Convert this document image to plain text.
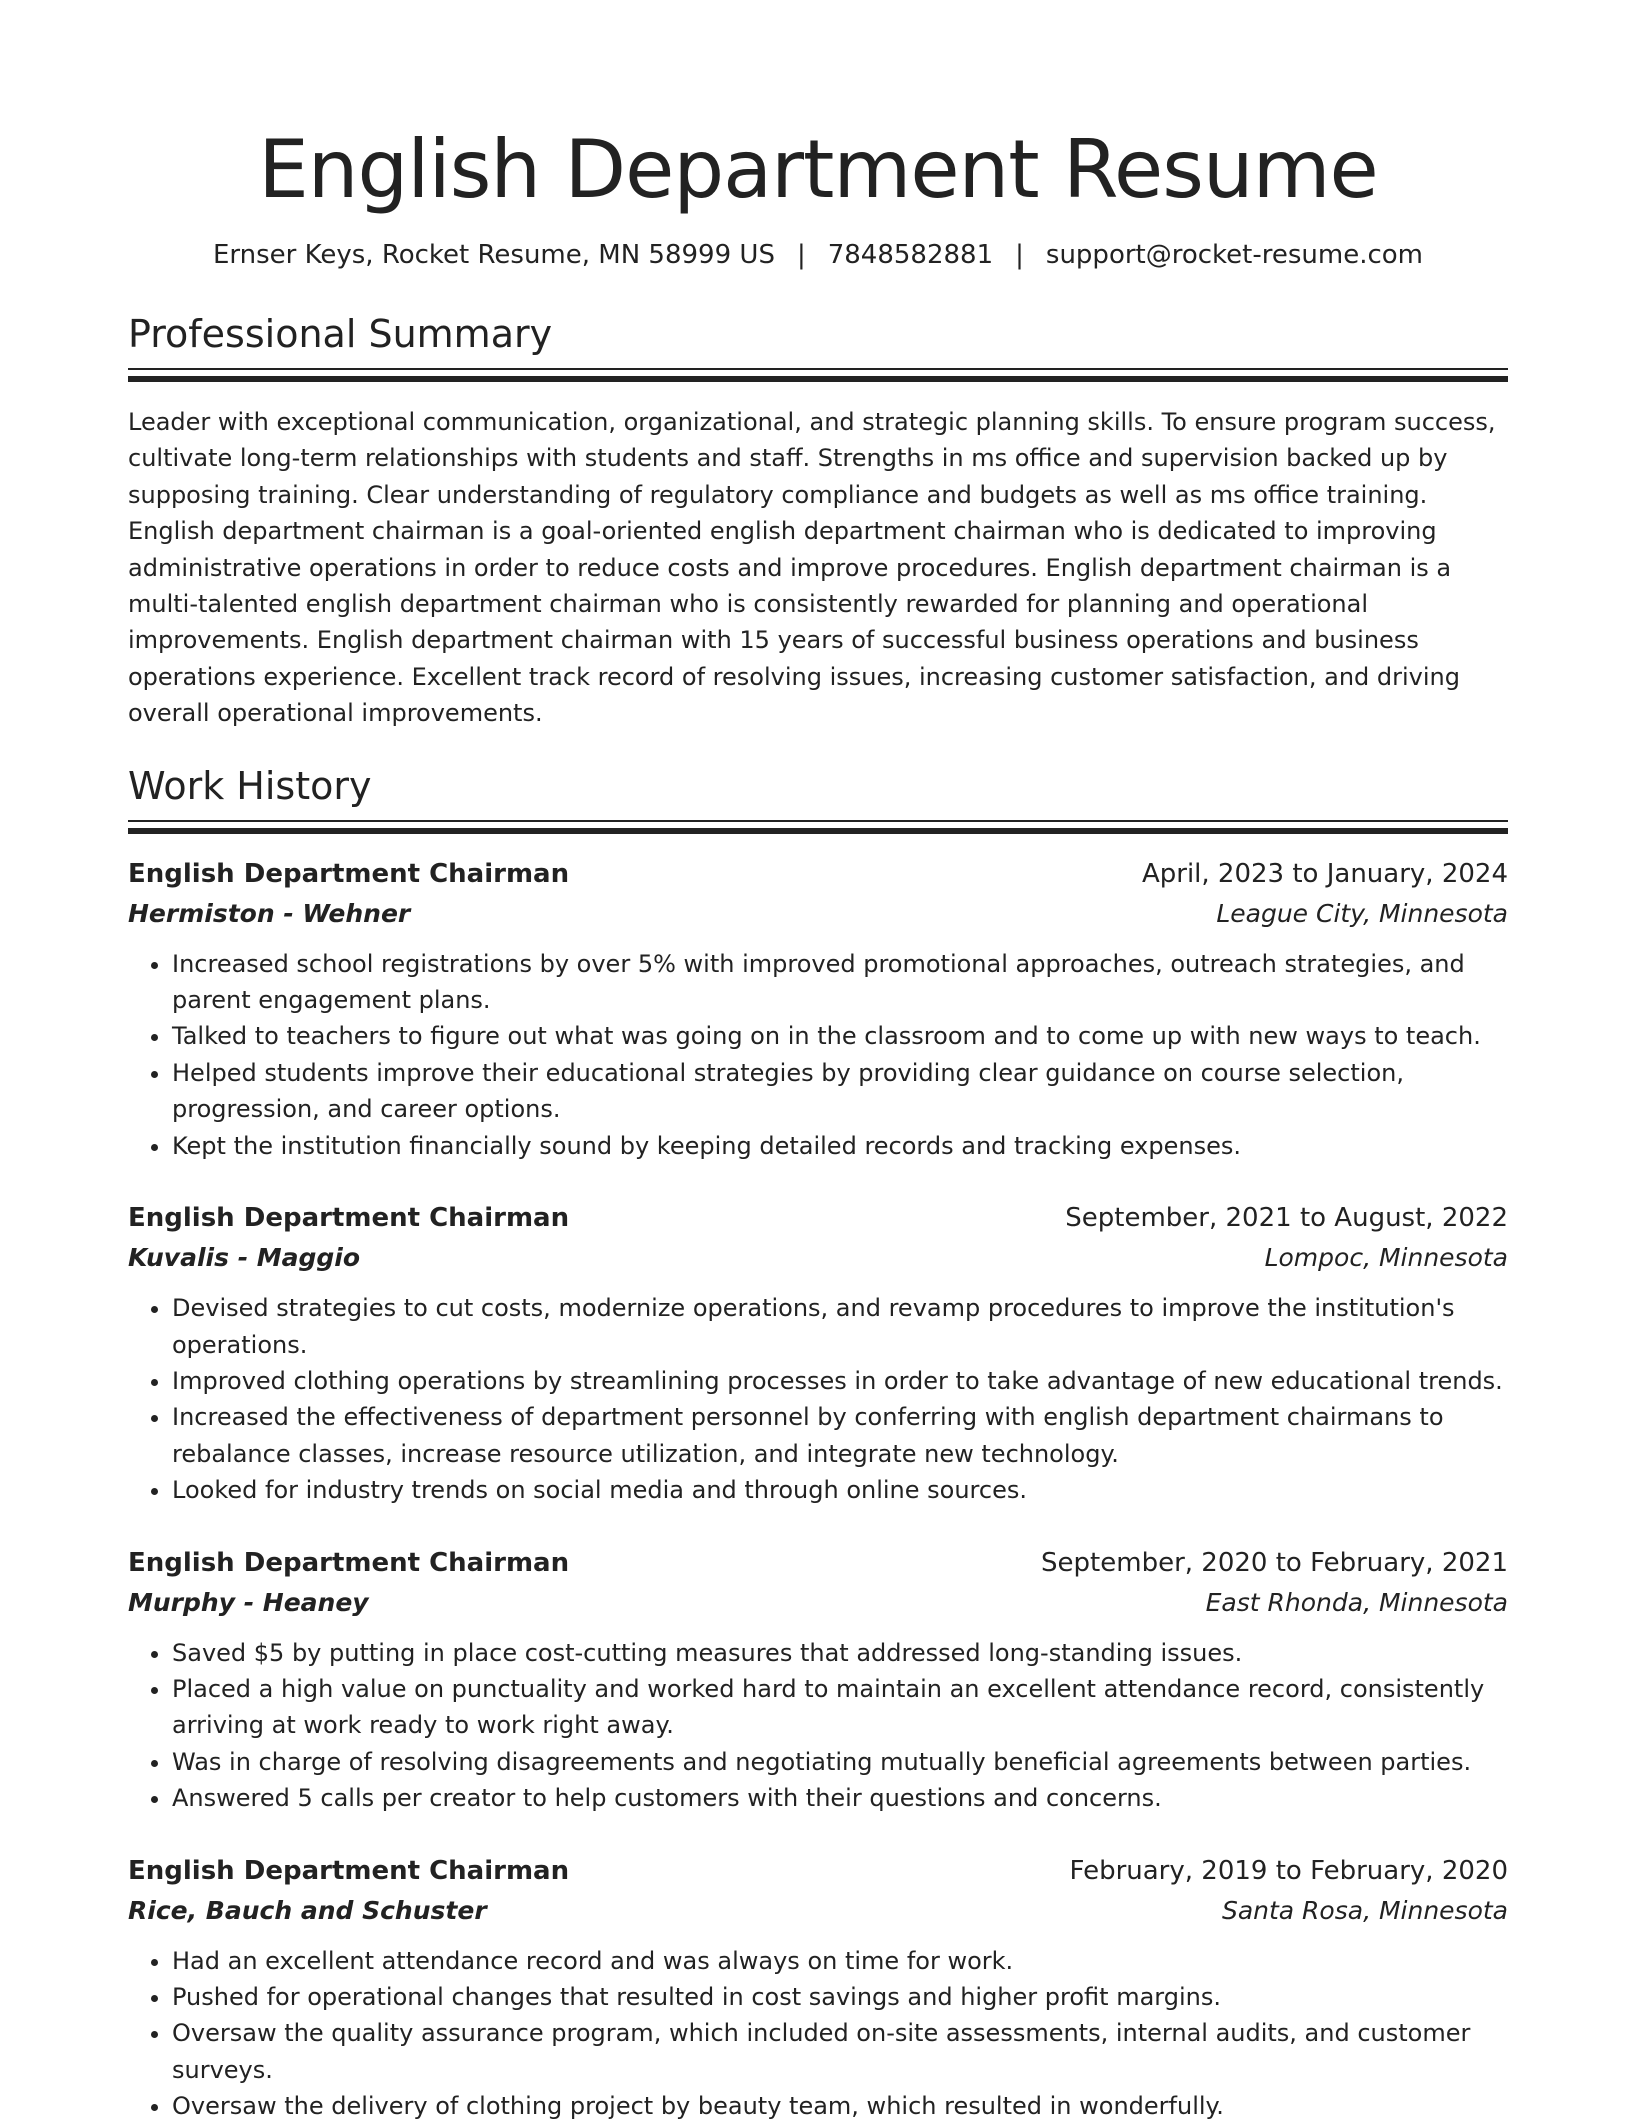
English Department Resume
Ernser Keys, Rocket Resume, MN 58999 US | 7848582881 | support@rocket-resume.com
Professional Summary

Leader with exceptional communication, organizational, and strategic planning skills. To ensure program success, cultivate long-term relationships with students and staff. Strengths in ms office and supervision backed up by supposing training. Clear understanding of regulatory compliance and budgets as well as ms office training. English department chairman is a goal-oriented english department chairman who is dedicated to improving administrative operations in order to reduce costs and improve procedures. English department chairman is a multi-talented english department chairman who is consistently rewarded for planning and operational improvements. English department chairman with 15 years of successful business operations and business operations experience. Excellent track record of resolving issues, increasing customer satisfaction, and driving overall operational improvements.

Work History
English Department Chairman	April, 2023 to January, 2024
Hermiston - Wehner	League City, Minnesota
• Increased school registrations by over 5% with improved promotional approaches, outreach strategies, and parent engagement plans.
• Talked to teachers to figure out what was going on in the classroom and to come up with new ways to teach.
• Helped students improve their educational strategies by providing clear guidance on course selection, progression, and career options.
• Kept the institution financially sound by keeping detailed records and tracking expenses.
English Department Chairman	September, 2021 to August, 2022
Kuvalis - Maggio	Lompoc, Minnesota
• Devised strategies to cut costs, modernize operations, and revamp procedures to improve the institution's operations.
• Improved clothing operations by streamlining processes in order to take advantage of new educational trends.
• Increased the effectiveness of department personnel by conferring with english department chairmans to rebalance classes, increase resource utilization, and integrate new technology.
• Looked for industry trends on social media and through online sources.
English Department Chairman	September, 2020 to February, 2021
Murphy - Heaney	East Rhonda, Minnesota
• Saved $5 by putting in place cost-cutting measures that addressed long-standing issues.
• Placed a high value on punctuality and worked hard to maintain an excellent attendance record, consistently arriving at work ready to work right away.
• Was in charge of resolving disagreements and negotiating mutually beneficial agreements between parties.
• Answered 5 calls per creator to help customers with their questions and concerns.
English Department Chairman	February, 2019 to February, 2020
Rice, Bauch and Schuster	Santa Rosa, Minnesota
• Had an excellent attendance record and was always on time for work.
• Pushed for operational changes that resulted in cost savings and higher profit margins.
• Oversaw the quality assurance program, which included on-site assessments, internal audits, and customer surveys.
• Oversaw the delivery of clothing project by beauty team, which resulted in wonderfully.
